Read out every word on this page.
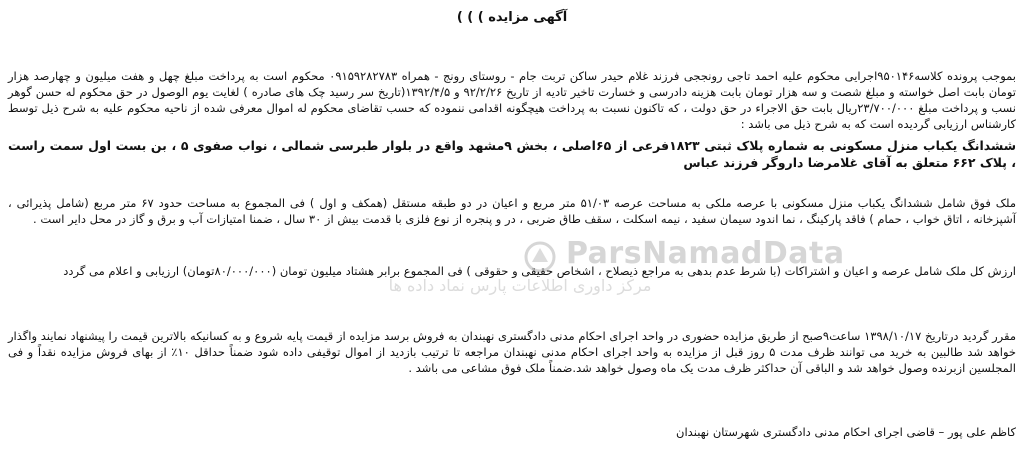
آگهی مزایده ) ) )

بموجب پرونده کلاسه۹۵۰۱۴۶اجرایی محکوم علیه احمد تاجی رونججی فرزند غلام حیدر ساکن تربت جام - روستای رونج - همراه ۰۹۱۵۹۲۸۲۷۸۳ محکوم است به پرداخت مبلغ چهل و هفت میلیون و چهارصد هزار تومان بابت اصل خواسته و مبلغ شصت و سه هزار تومان بابت هزینه دادرسی و خسارت تاخیر تادیه از تاریخ ۹۲/۲/۲۶ و ۱۳۹۲/۴/۵(تاریخ سر رسید چک های صادره ) لغایت یوم الوصول در حق محکوم له حسن گوهر نسب و پرداخت مبلغ ۲۳/۷۰۰/۰۰۰ریال بابت حق الاجراء در حق دولت ، که تاکنون نسبت به پرداخت هیچگونه اقدامی ننموده که حسب تقاضای محکوم له اموال معرفی شده از ناحیه محکوم علیه به شرح ذیل توسط کارشناس ارزیابی گردیده است که به شرح ذیل می باشد :

ششدانگ یکباب منزل مسکونی به شماره پلاک ثبتی ۱۸۲۳فرعی از ۶۵اصلی ، بخش ۹مشهد واقع در بلوار طبرسی شمالی ، نواب صفوی ۵ ، بن بست اول سمت راست ، پلاک ۶۶۲ متعلق به آقای غلامرضا داروگر فرزند عباس

ملک فوق شامل ششدانگ یکباب منزل مسکونی با عرصه ملکی به مساحت عرصه ۵۱/۰۳ متر مربع و اعیان در دو طبقه مستقل (همکف و اول ) فی المجموع به مساحت حدود ۶۷ متر مربع (شامل پذیرائی ، آشپزخانه ، اتاق خواب ، حمام ) فاقد پارکینگ ، نما اندود سیمان سفید ، نیمه اسکلت ، سقف طاق ضربی ، در و پنجره از نوع فلزی با قدمت بیش از ۳۰ سال ، ضمنا امتیازات آب و برق و گاز در محل دایر است .

ParsNamadData
مرکز داوری اطلاعات پارس نماد داده ها

ارزش کل ملک شامل عرصه و اعیان و اشتراکات (با شرط عدم بدهی به مراجع ذیصلاح ، اشخاص حقیقی و حقوقی ) فی المجموع برابر هشتاد میلیون تومان (۸۰/۰۰۰/۰۰۰تومان) ارزیابی و اعلام می گردد

مقرر گردید درتاریخ ۱۳۹۸/۱۰/۱۷ ساعت۹صبح از طریق مزایده حضوری در واحد اجرای احکام مدنی دادگستری نهبندان به فروش برسد مزایده از قیمت پایه شروع و به کسانیکه بالاترین قیمت را پیشنهاد نمایند واگذار خواهد شد طالبین به خرید می توانند ظرف مدت ۵ روز قبل از مزایده به واحد اجرای احکام مدنی نهبندان مراجعه تا ترتیب بازدید از اموال توقیفی داده شود ضمناً حداقل ۱۰٪ از بهای فروش مزایده نقداً و فی المجلسین ازبرنده وصول خواهد شد و الباقی آن حداکثر ظرف مدت یک ماه وصول خواهد شد.ضمناً ملک فوق مشاعی می باشد .

کاظم علی پور – قاضی اجرای احکام مدنی دادگستری شهرستان نهبندان
